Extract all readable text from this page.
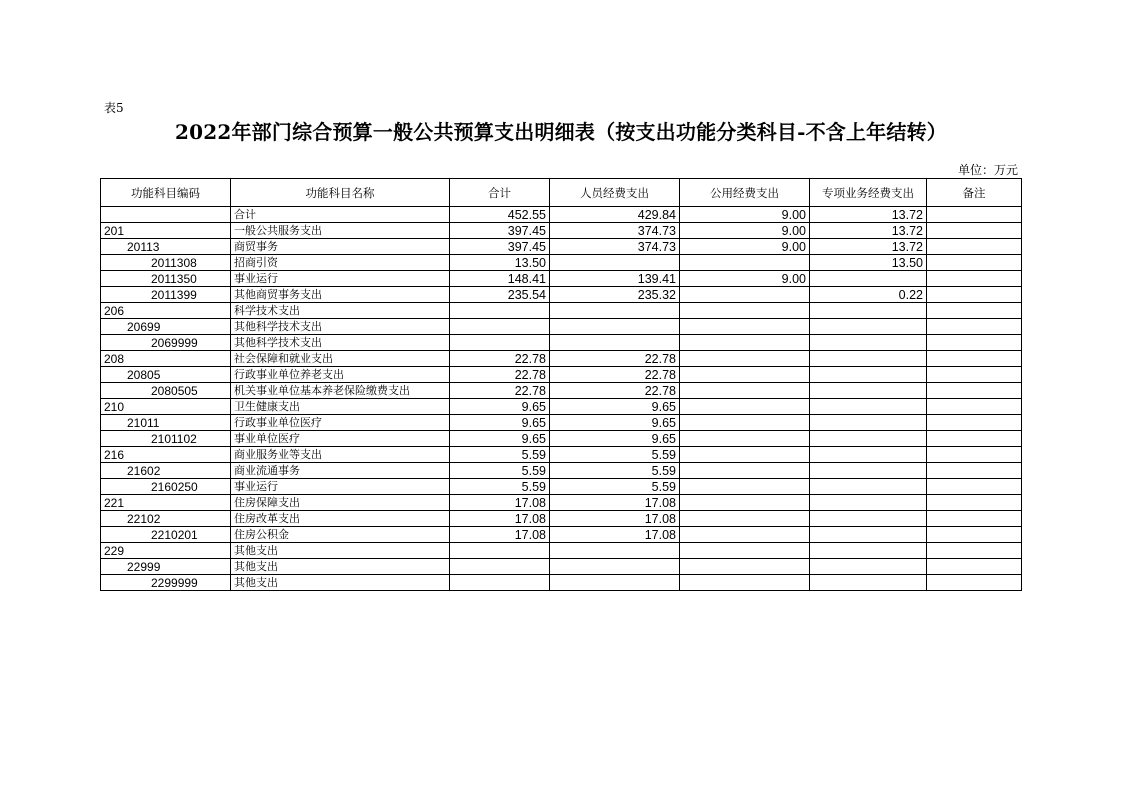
表5
2022年部门综合预算一般公共预算支出明细表（按支出功能分类科目-不含上年结转）
单位：万元
功能科目编码	功能科目名称	合计	人员经费支出	公用经费支出	专项业务经费支出	备注
	合计	452.55	429.84	9.00	13.72	
201	一般公共服务支出	397.45	374.73	9.00	13.72	
20113	商贸事务	397.45	374.73	9.00	13.72	
2011308	招商引资	13.50			13.50	
2011350	事业运行	148.41	139.41	9.00		
2011399	其他商贸事务支出	235.54	235.32		0.22	
206	科学技术支出					
20699	其他科学技术支出					
2069999	其他科学技术支出					
208	社会保障和就业支出	22.78	22.78			
20805	行政事业单位养老支出	22.78	22.78			
2080505	机关事业单位基本养老保险缴费支出	22.78	22.78			
210	卫生健康支出	9.65	9.65			
21011	行政事业单位医疗	9.65	9.65			
2101102	事业单位医疗	9.65	9.65			
216	商业服务业等支出	5.59	5.59			
21602	商业流通事务	5.59	5.59			
2160250	事业运行	5.59	5.59			
221	住房保障支出	17.08	17.08			
22102	住房改革支出	17.08	17.08			
2210201	住房公积金	17.08	17.08			
229	其他支出					
22999	其他支出					
2299999	其他支出					
